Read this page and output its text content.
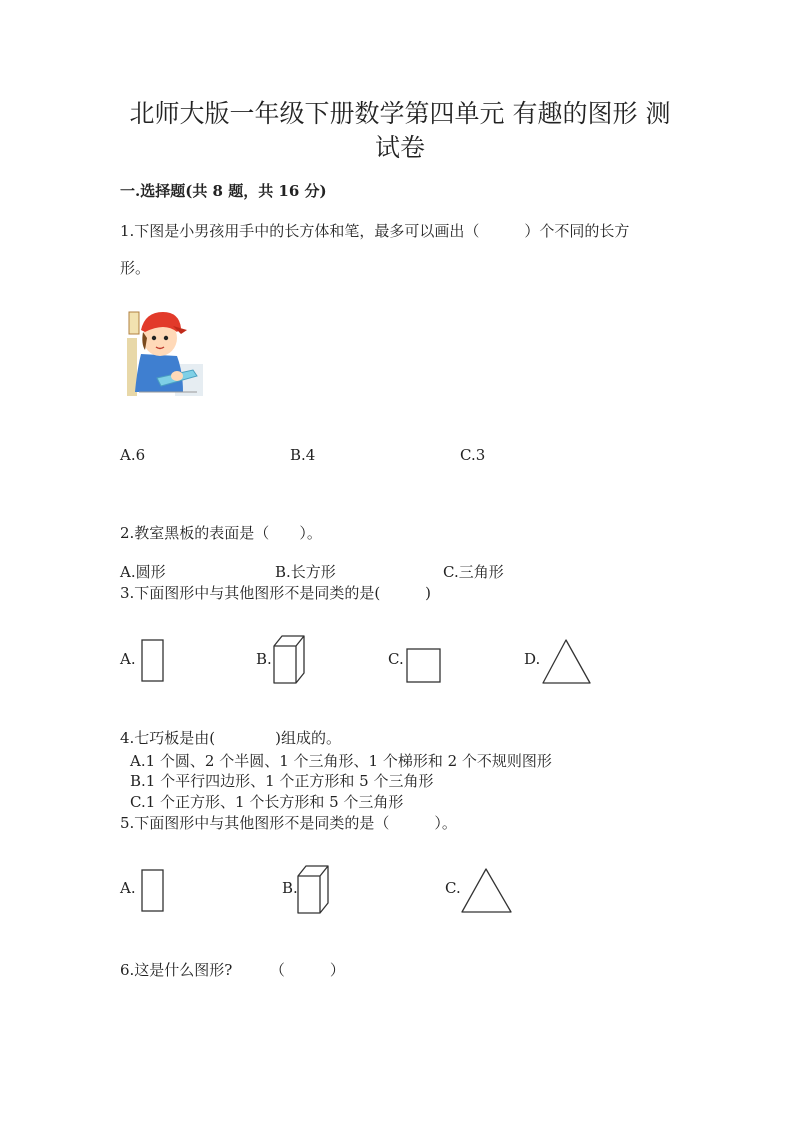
北师大版一年级下册数学第四单元 有趣的图形 测
试卷
一.选择题(共 8 题，共 16 分)
1.下图是小男孩用手中的长方体和笔，最多可以画出（　　　）个不同的长方
形。
A.6	B.4	C.3
2.教室黑板的表面是（　　）。
A.圆形	B.长方形	C.三角形
3.下面图形中与其他图形不是同类的是(　　　)
A.	B.	C.	D.
4.七巧板是由(　　　　)组成的。
A.1 个圆、2 个半圆、1 个三角形、1 个梯形和 2 个不规则图形
B.1 个平行四边形、1 个正方形和 5 个三角形
C.1 个正方形、1 个长方形和 5 个三角形
5.下面图形中与其他图形不是同类的是（　　　）。
A.	B.	C.
6.这是什么图形?　　　（　　　）
